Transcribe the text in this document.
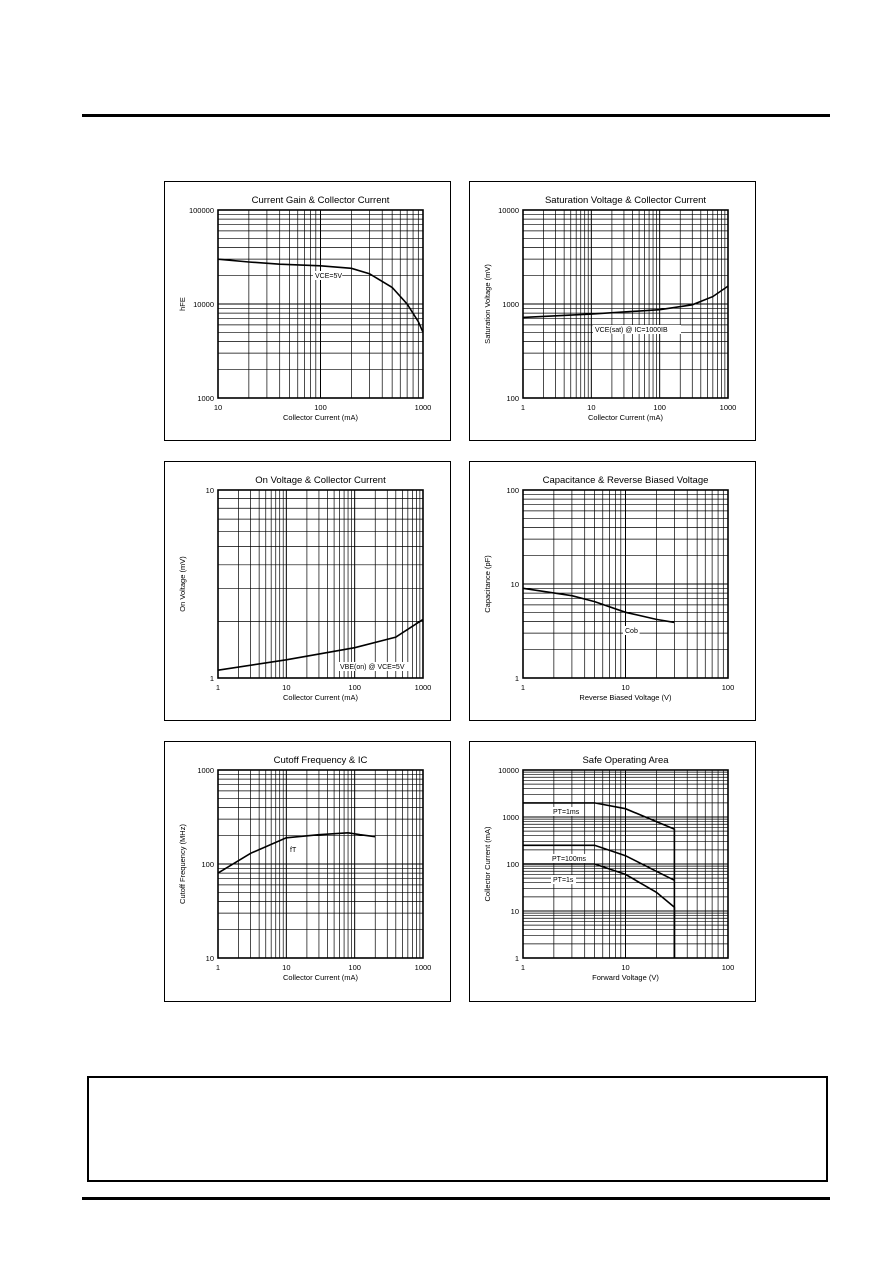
Current Gain & Collector Current
10	100	1000
1000
10000
100000
Collector Current (mA)
hFE
VCE=5V
Saturation Voltage & Collector Current
1	10	100	1000
100
1000
10000
Collector Current (mA)
Saturation Voltage (mV)	VCE(sat) @ IC=1000IB
On Voltage & Collector Current
1	10	100	1000
1
10
Collector Current (mA)
On Voltage (mV)
VBE(on) @ VCE=5V
Capacitance & Reverse Biased Voltage
1	10	100
1
10
100
Reverse Biased Voltage (V)
Capacitance (pF)
Cob
Cutoff Frequency & IC
1	10	100	1000
10
100
1000
Collector Current (mA)
Cutoff Frequency (MHz)	fT
Safe Operating Area
1	10	100
1
10
100
1000
10000
Forward Voltage (V)
Collector Current (mA)
PT=1ms
PT=100ms
PT=1s
